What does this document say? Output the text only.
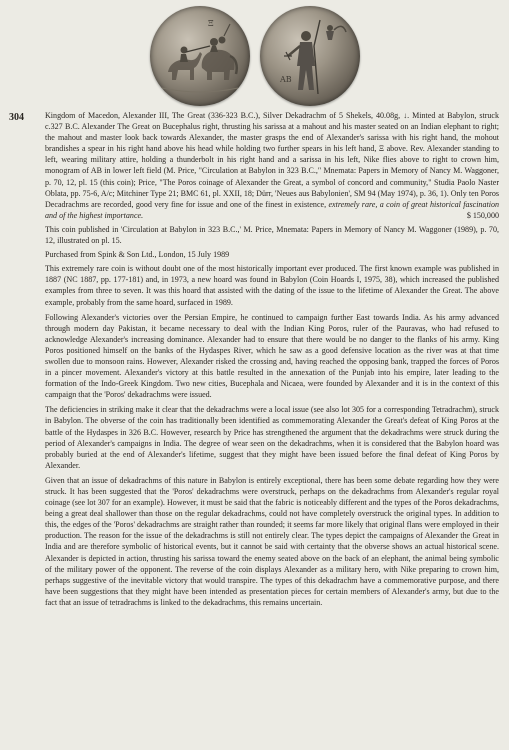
Ξ
AB
304	Kingdom of Macedon, Alexander III, The Great (336-323 B.C.), Silver Dekadrachm of 5 Shekels, 40.08g, ↓. Minted at Babylon, struck c.327 B.C. Alexander The Great on Bucephalus right, thrusting his sarissa at a mahout and his master seated on an Indian elephant to right; the mahout and master look back towards Alexander, the master grasps the end of Alexander's sarissa with his right hand, the mohout brandishes a spear in his right hand above his head while holding two further spears in his left hand, Ξ above. Rev. Alexander standing to left, wearing military attire, holding a thunderbolt in his right hand and a sarissa in his left, Nike flies above to right to crown him, monogram of AB in lower left field (M. Price, "Circulation at Babylon in 323 B.C.," Mnemata: Papers in Memory of Nancy M. Waggoner, p. 70, 12, pl. 15 (this coin); Price, "The Poros coinage of Alexander the Great, a symbol of concord and community," Studia Paolo Naster Oblata, pp. 75-6, A/c; Mitchiner Type 21; BMC 61, pl. XXII, 18; Dürr, 'Neues aus Babylonien', SM 94 (May 1974), p. 36, 1). Only ten Poros Decadrachms are recorded, good very fine for issue and one of the finest in existence, extremely rare, a coin of great historical fascination and of the highest importance.	$ 150,000

This coin published in 'Circulation at Babylon in 323 B.C.,' M. Price, Mnemata: Papers in Memory of Nancy M. Waggoner (1989), p. 70, 12, illustrated on pl. 15.

Purchased from Spink & Son Ltd., London, 15 July 1989

This extremely rare coin is without doubt one of the most historically important ever produced. The first known example was published in 1887 (NC 1887, pp. 177-181) and, in 1973, a new hoard was found in Babylon (Coin Hoards I, 1975, 38), which increased the published examples from three to seven. It was this hoard that assisted with the dating of the issue to the lifetime of Alexander the Great. The above example, probably from the same hoard, surfaced in 1989.

Following Alexander's victories over the Persian Empire, he continued to campaign further East towards India. As his army advanced through modern day Pakistan, it became necessary to deal with the Indian King Poros, ruler of the Pauravas, who had refused to acknowledge Alexander's increasing dominance. Alexander had to ensure that there would be no danger to the flanks of his army. King Poros positioned himself on the banks of the Hydaspes River, which he saw as a good defensive location as the river was at that time swollen due to monsoon rains. However, Alexander risked the crossing and, having reached the opposing bank, trapped the forces of Poros in a pincer movement. Alexander's victory at this battle resulted in the annexation of the Punjab into his empire, later leading to the formation of the Indo-Greek Kingdom. Two new cities, Bucephala and Nicaea, were founded by Alexander and it is in the context of this campaign that the 'Poros' dekadrachms were issued.

The deficiencies in striking make it clear that the dekadrachms were a local issue (see also lot 305 for a corresponding Tetradrachm), struck in Babylon. The obverse of the coin has traditionally been identified as commemorating Alexander the Great's defeat of King Poros at the battle of the Hydaspes in 326 B.C. However, research by Price has strengthened the argument that the dekadrachms were struck during the period of Alexander's campaigns in India. The degree of wear seen on the dekadrachms, when it is considered that the Babylon hoard was probably buried at the end of Alexander's lifetime, suggest that they might have been issued before the final defeat of King Poros by Alexander.

Given that an issue of dekadrachms of this nature in Babylon is entirely exceptional, there has been some debate regarding how they were struck. It has been suggested that the 'Poros' dekadrachms were overstruck, perhaps on the dekadrachms from Alexander's regular royal coinage (see lot 307 for an example). However, it must be said that the fabric is noticeably different and the types of the Poros dekadrachms, being a great deal shallower than those on the regular dekadrachms, could not have completely overstruck the original types. In addition to this, the edges of the 'Poros' dekadrachms are straight rather than rounded; it seems far more likely that original flans were employed in their production. The reason for the issue of the dekadrachms is still not entirely clear. The types depict the campaigns of Alexander the Great in India and are therefore symbolic of historical events, but it cannot be said with certainty that the obverse shows an actual historical scene. Alexander is depicted in action, thrusting his sarissa toward the enemy seated above on the back of an elephant, the animal being symbolic of the military power of the opponent. The reverse of the coin displays Alexander as a military hero, with Nike preparing to crown him, perhaps suggestive of the inevitable victory that would transpire. The types of this dekadrachm have a commemorative purpose, and there have been suggestions that they might have been intended as presentation pieces for certain members of Alexander's army, but due to the fact that an issue of tetradrachms is linked to the dekadrachms, this remains uncertain.
